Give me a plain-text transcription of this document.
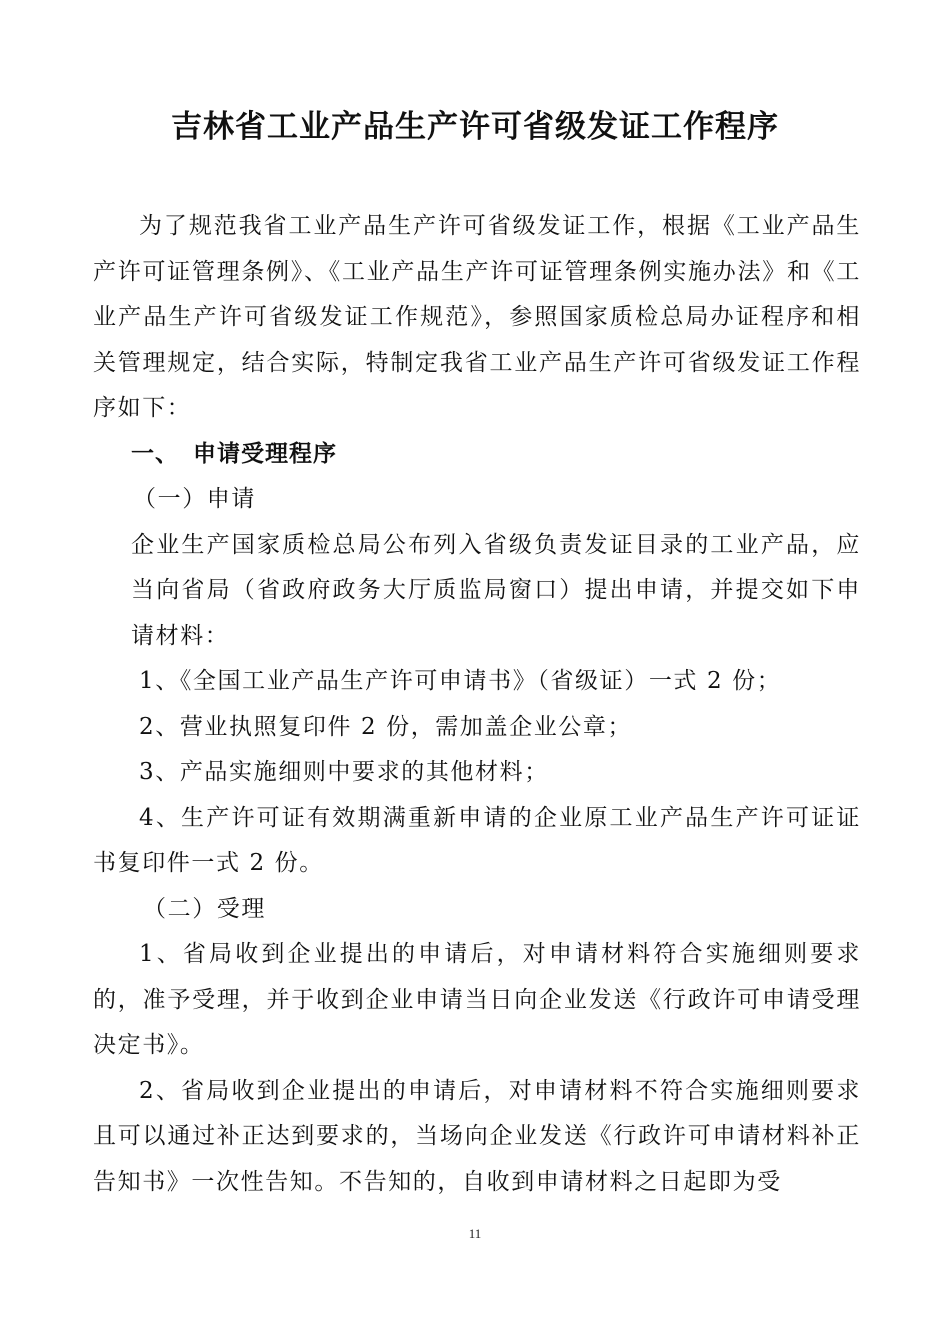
吉林省工业产品生产许可省级发证工作程序

为了规范我省工业产品生产许可省级发证工作，根据《工业产品生产许可证管理条例》、《工业产品生产许可证管理条例实施办法》和《工业产品生产许可省级发证工作规范》，参照国家质检总局办证程序和相关管理规定，结合实际，特制定我省工业产品生产许可省级发证工作程序如下：

一、 申请受理程序

（一）申请

企业生产国家质检总局公布列入省级负责发证目录的工业产品，应当向省局（省政府政务大厅质监局窗口）提出申请，并提交如下申请材料：

1、《全国工业产品生产许可申请书》（省级证）一式 2 份；

2、营业执照复印件 2 份，需加盖企业公章；

3、产品实施细则中要求的其他材料；

4、生产许可证有效期满重新申请的企业原工业产品生产许可证证书复印件一式 2 份。

（二）受理

1、省局收到企业提出的申请后，对申请材料符合实施细则要求的，准予受理，并于收到企业申请当日向企业发送《行政许可申请受理决定书》。

2、省局收到企业提出的申请后，对申请材料不符合实施细则要求且可以通过补正达到要求的，当场向企业发送《行政许可申请材料补正告知书》一次性告知。不告知的，自收到申请材料之日起即为受

11
